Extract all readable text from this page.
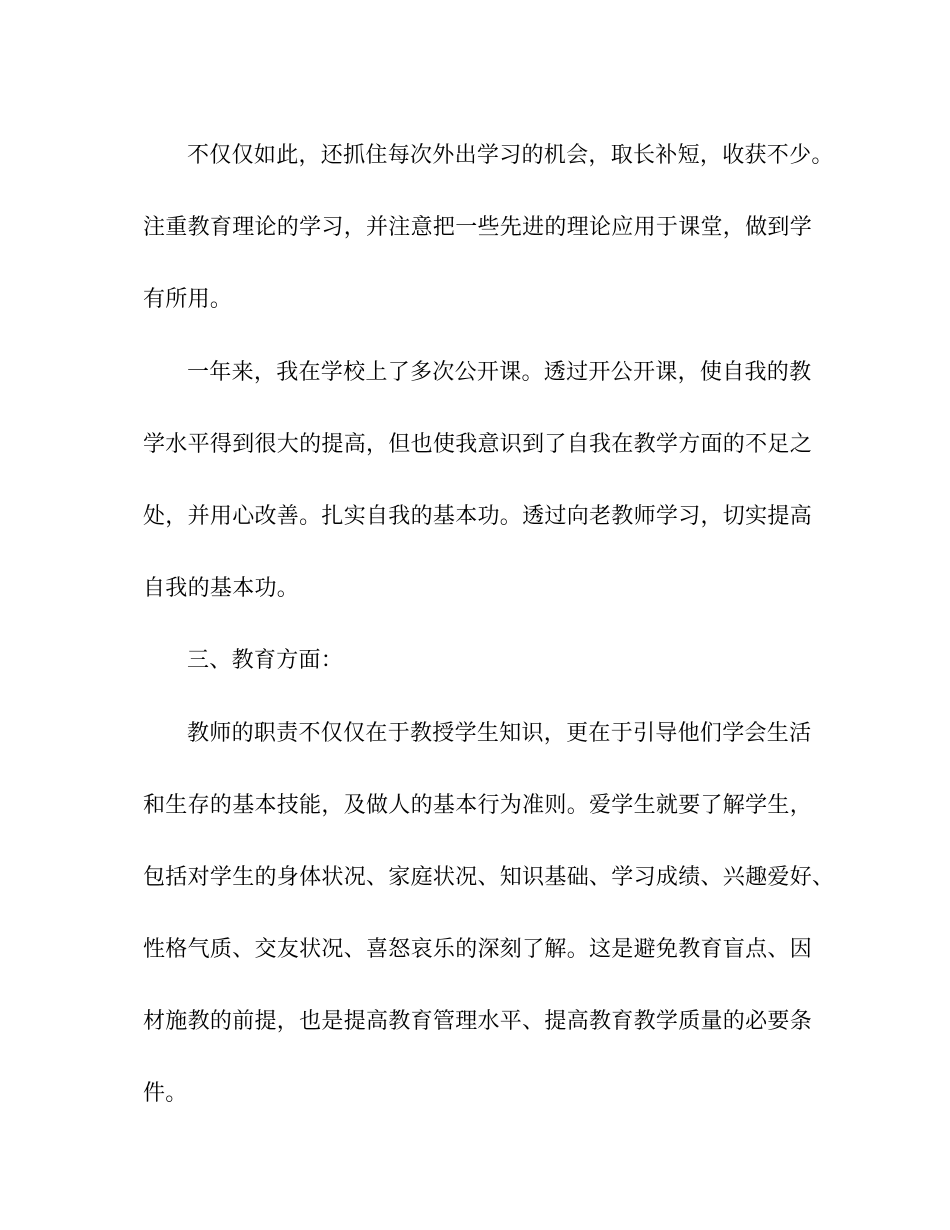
不仅仅如此，还抓住每次外出学习的机会，取长补短，收获不少。
注重教育理论的学习，并注意把一些先进的理论应用于课堂，做到学
有所用。
一年来，我在学校上了多次公开课。透过开公开课，使自我的教
学水平得到很大的提高，但也使我意识到了自我在教学方面的不足之
处，并用心改善。扎实自我的基本功。透过向老教师学习，切实提高
自我的基本功。
三、教育方面：
教师的职责不仅仅在于教授学生知识，更在于引导他们学会生活
和生存的基本技能，及做人的基本行为准则。爱学生就要了解学生，
包括对学生的身体状况、家庭状况、知识基础、学习成绩、兴趣爱好、
性格气质、交友状况、喜怒哀乐的深刻了解。这是避免教育盲点、因
材施教的前提，也是提高教育管理水平、提高教育教学质量的必要条
件。
